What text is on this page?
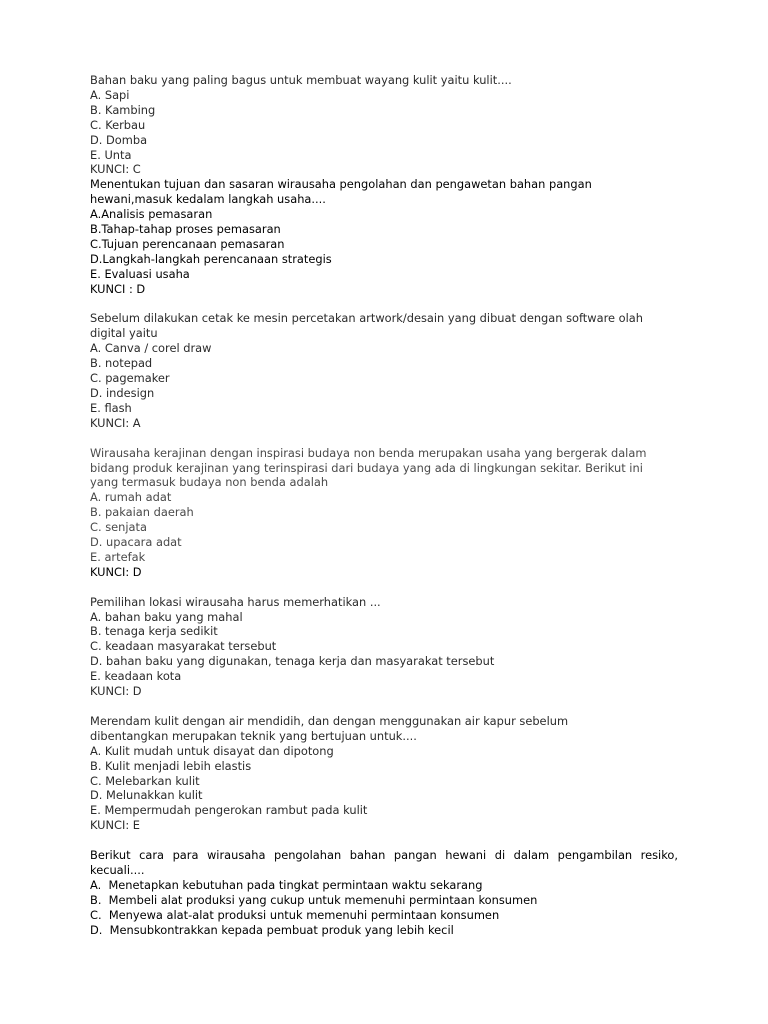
Bahan baku yang paling bagus untuk membuat wayang kulit yaitu kulit....

A. Sapi

B. Kambing

C. Kerbau

D. Domba

E. Unta

KUNCI: C

Menentukan tujuan dan sasaran wirausaha pengolahan dan pengawetan bahan pangan hewani,masuk kedalam langkah usaha....

A.Analisis pemasaran

B.Tahap-tahap proses pemasaran

C.Tujuan perencanaan pemasaran

D.Langkah-langkah perencanaan strategis

E. Evaluasi usaha

KUNCI : D

Sebelum dilakukan cetak ke mesin percetakan artwork/desain yang dibuat dengan software olah digital yaitu

A. Canva / corel draw

B. notepad

C. pagemaker

D. indesign

E. flash

KUNCI: A

Wirausaha kerajinan dengan inspirasi budaya non benda merupakan usaha yang bergerak dalam bidang produk kerajinan yang terinspirasi dari budaya yang ada di lingkungan sekitar. Berikut ini yang termasuk budaya non benda adalah

A. rumah adat

B. pakaian daerah

C. senjata

D. upacara adat

E. artefak

KUNCI: D

Pemilihan lokasi wirausaha harus memerhatikan ...

A. bahan baku yang mahal

B. tenaga kerja sedikit

C. keadaan masyarakat tersebut

D. bahan baku yang digunakan, tenaga kerja dan masyarakat tersebut

E. keadaan kota

KUNCI: D

Merendam kulit dengan air mendidih, dan dengan menggunakan air kapur sebelum dibentangkan merupakan teknik yang bertujuan untuk....

A. Kulit mudah untuk disayat dan dipotong

B. Kulit menjadi lebih elastis

C. Melebarkan kulit

D. Melunakkan kulit

E. Mempermudah pengerokan rambut pada kulit

KUNCI: E

Berikut cara para wirausaha pengolahan bahan pangan hewani di dalam pengambilan resiko, kecuali....

A.  Menetapkan kebutuhan pada tingkat permintaan waktu sekarang

B.  Membeli alat produksi yang cukup untuk memenuhi permintaan konsumen

C.  Menyewa alat-alat produksi untuk memenuhi permintaan konsumen

D.  Mensubkontrakkan kepada pembuat produk yang lebih kecil
